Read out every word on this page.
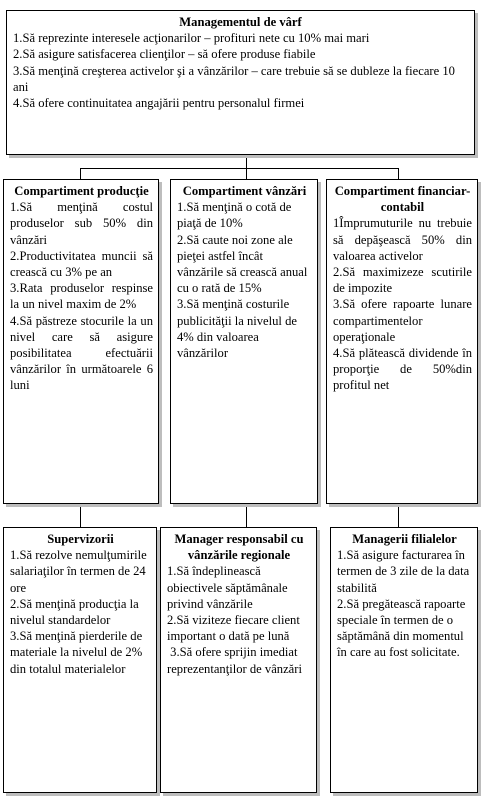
Managementul de vârf
1.Să reprezinte interesele acţionarilor – profituri nete cu 10% mai mari
2.Să asigure satisfacerea clienţilor – să ofere produse fiabile
3.Să menţină creşterea activelor şi a vânzărilor – care trebuie să se dubleze la fiecare 10 ani
4.Să ofere continuitatea angajării pentru personalul firmei
Compartiment producţie
1.Să menţină costul produselor sub 50% din vânzări
2.Productivitatea muncii să crească cu 3% pe an
3.Rata produselor respinse la un nivel maxim de 2%
4.Să păstreze stocurile la un nivel care să asigure posibilitatea efectuării vânzărilor în următoarele 6 luni
Compartiment vânzări
1.Să menţină o cotă de piaţă de 10%
2.Să caute noi zone ale pieţei astfel încât vânzările să crească anual cu o rată de 15%
3.Să menţină costurile publicităţii la nivelul de 4% din valoarea vânzărilor
Compartiment financiar-contabil
1Împrumuturile nu trebuie să depăşească 50% din valoarea activelor
2.Să maximizeze scutirile de impozite
3.Să ofere rapoarte lunare compartimentelor operaţionale
4.Să plătească dividende în proporţie de 50%din profitul net
Supervizorii
1.Să rezolve nemulţumirile salariaţilor în termen de 24 ore
2.Să menţină producţia la nivelul standardelor
3.Să menţină pierderile de materiale la nivelul de 2% din totalul materialelor
Manager responsabil cu vânzările regionale
1.Să îndeplinească obiectivele săptămânale privind vânzările
2.Să viziteze fiecare client important o dată pe lună
3.Să ofere sprijin imediat reprezentanţilor de vânzări
Managerii filialelor
1.Să asigure facturarea în termen de 3 zile de la data stabilită
2.Să pregătească rapoarte speciale în termen de o săptămână din momentul în care au fost solicitate.
